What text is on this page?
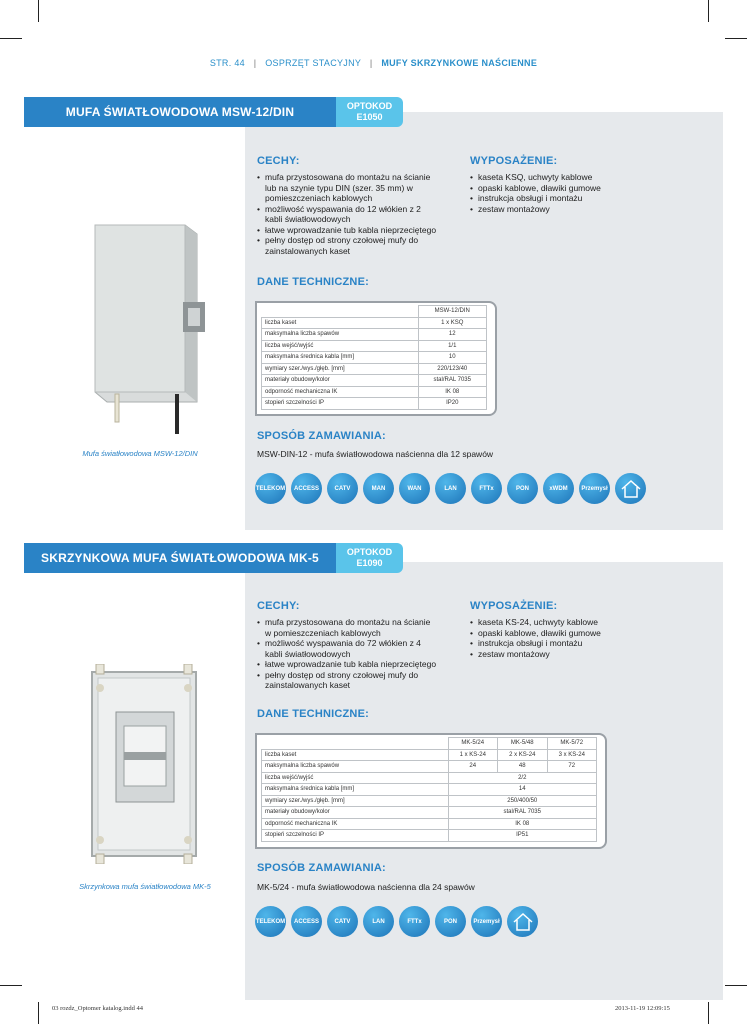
STR. 44 | OSPRZĘT STACYJNY | MUFY SKRZYNKOWE NAŚCIENNE
MUFA ŚWIATŁOWODOWA MSW-12/DIN	OPTOKOD
E1050
Mufa światłowodowa MSW-12/DIN
CECHY:
• mufa przystosowana do montażu na ścianie lub na szynie typu DIN (szer. 35 mm) w pomieszczeniach kablowych
• możliwość wyspawania do 12 włókien z 2 kabli światłowodowych
• łatwe wprowadzanie tub kabla nieprzeciętego
• pełny dostęp od strony czołowej mufy do zainstalowanych kaset
WYPOSAŻENIE:
• kaseta KSQ, uchwyty kablowe
• opaski kablowe, dławiki gumowe
• instrukcja obsługi i montażu
• zestaw montażowy
DANE TECHNICZNE:
	MSW-12/DIN
liczba kaset	1 x KSQ
maksymalna liczba spawów	12
liczba wejść/wyjść	1/1
maksymalna średnica kabla [mm]	10
wymiary szer./wys./głęb. [mm]	220/123/40
materiały obudowy/kolor	stal/RAL 7035
odporność mechaniczna IK	IK 08
stopień szczelności IP	IP20
SPOSÓB ZAMAWIANIA:
MSW-DIN-12 - mufa światłowodowa naścienna dla 12 spawów
TELEKOM	ACCESS	CATV	MAN	WAN	LAN	FTTx	PON	xWDM	Przemysł
SKRZYNKOWA MUFA ŚWIATŁOWODOWA MK-5	OPTOKOD
E1090
Skrzynkowa mufa światłowodowa MK-5
CECHY:
• mufa przystosowana do montażu na ścianie w pomieszczeniach kablowych
• możliwość wyspawania do 72 włókien z 4 kabli światłowodowych
• łatwe wprowadzanie tub kabla nieprzeciętego
• pełny dostęp od strony czołowej mufy do zainstalowanych kaset
WYPOSAŻENIE:
• kaseta KS-24, uchwyty kablowe
• opaski kablowe, dławiki gumowe
• instrukcja obsługi i montażu
• zestaw montażowy
DANE TECHNICZNE:
	MK-5/24	MK-5/48	MK-5/72
liczba kaset	1 x KS-24	2 x KS-24	3 x KS-24
maksymalna liczba spawów	24	48	72
liczba wejść/wyjść	2/2		
maksymalna średnica kabla [mm]	14		
wymiary szer./wys./głęb. [mm]	250/400/50		
materiały obudowy/kolor	stal/RAL 7035		
odporność mechaniczna IK	IK 08		
stopień szczelności IP	IP51		
SPOSÓB ZAMAWIANIA:
MK-5/24 - mufa światłowodowa naścienna dla 24 spawów
TELEKOM	ACCESS	CATV	LAN	FTTx	PON	Przemysł
03 rozdz_Optomer katalog.indd 44	2013-11-19 12:09:15
